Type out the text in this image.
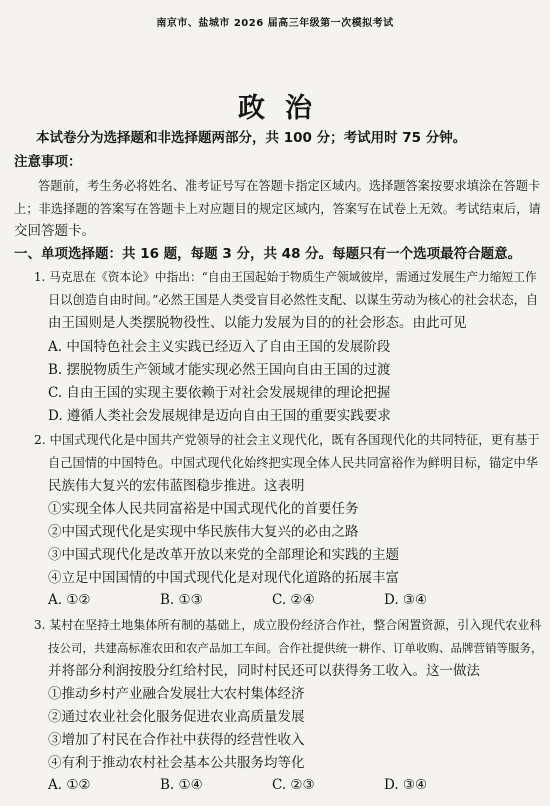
南京市、盐城市 2026 届高三年级第一次模拟考试
政治
本试卷分为选择题和非选择题两部分，共 100 分；考试用时 75 分钟。
注意事项：
答题前，考生务必将姓名、准考证号写在答题卡指定区域内。选择题答案按要求填涂在答题卡
上；非选择题的答案写在答题卡上对应题目的规定区域内，答案写在试卷上无效。考试结束后，请
交回答题卡。
一、单项选择题：共 16 题，每题 3 分，共 48 分。每题只有一个选项最符合题意。
1. 马克思在《资本论》中指出：“自由王国起始于物质生产领域彼岸，需通过发展生产力缩短工作
日以创造自由时间。”必然王国是人类受盲目必然性支配、以谋生劳动为核心的社会状态，自
由王国则是人类摆脱物役性、以能力发展为目的的社会形态。由此可见
A. 中国特色社会主义实践已经迈入了自由王国的发展阶段
B. 摆脱物质生产领域才能实现必然王国向自由王国的过渡
C. 自由王国的实现主要依赖于对社会发展规律的理论把握
D. 遵循人类社会发展规律是迈向自由王国的重要实践要求
2. 中国式现代化是中国共产党领导的社会主义现代化，既有各国现代化的共同特征，更有基于
自己国情的中国特色。中国式现代化始终把实现全体人民共同富裕作为鲜明目标，锚定中华
民族伟大复兴的宏伟蓝图稳步推进。这表明
①实现全体人民共同富裕是中国式现代化的首要任务
②中国式现代化是实现中华民族伟大复兴的必由之路
③中国式现代化是改革开放以来党的全部理论和实践的主题
④立足中国国情的中国式现代化是对现代化道路的拓展丰富
A. ①②	B. ①③	C. ②④	D. ③④
3. 某村在坚持土地集体所有制的基础上，成立股份经济合作社，整合闲置资源，引入现代农业科
技公司，共建高标准农田和农产品加工车间。合作社提供统一耕作、订单收购、品牌营销等服务，
并将部分利润按股分红给村民，同时村民还可以获得务工收入。这一做法
①推动乡村产业融合发展壮大农村集体经济
②通过农业社会化服务促进农业高质量发展
③增加了村民在合作社中获得的经营性收入
④有利于推动农村社会基本公共服务均等化
A. ①②	B. ①④	C. ②③	D. ③④
